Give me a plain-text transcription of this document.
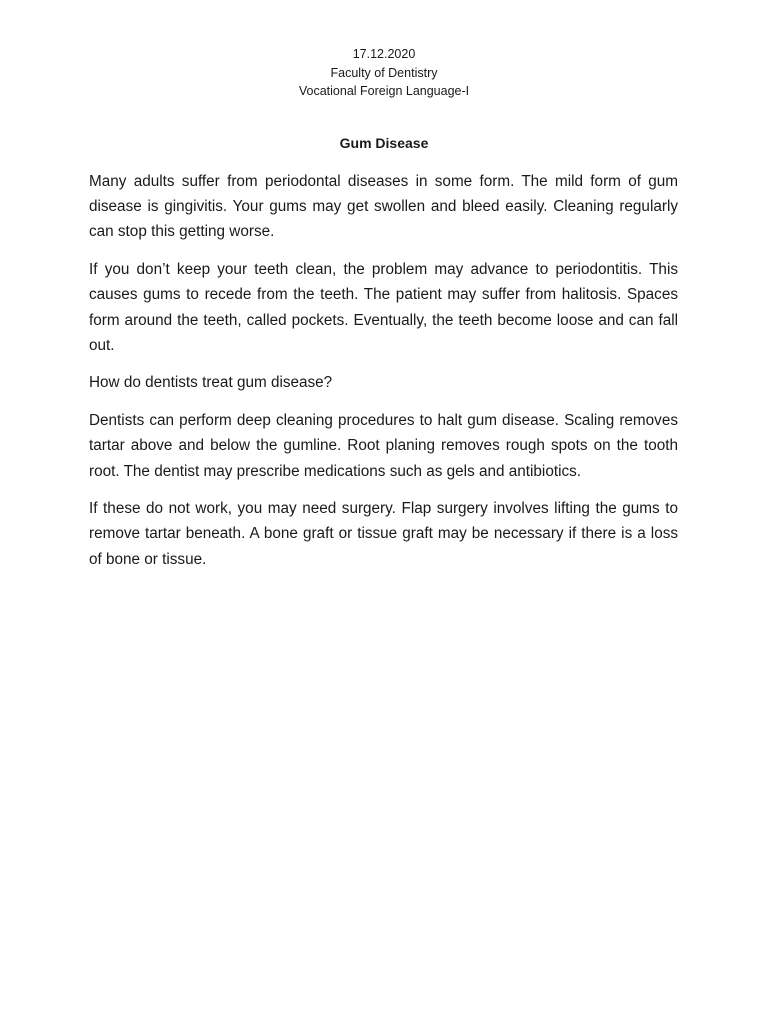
17.12.2020
Faculty of Dentistry
Vocational Foreign Language-I
Gum Disease

Many adults suffer from periodontal diseases in some form. The mild form of gum disease is gingivitis. Your gums may get swollen and bleed easily. Cleaning regularly can stop this getting worse.

If you don’t keep your teeth clean, the problem may advance to periodontitis. This causes gums to recede from the teeth. The patient may suffer from halitosis. Spaces form around the teeth, called pockets. Eventually, the teeth become loose and can fall out.

How do dentists treat gum disease?

Dentists can perform deep cleaning procedures to halt gum disease. Scaling removes tartar above and below the gumline. Root planing removes rough spots on the tooth root. The dentist may prescribe medications such as gels and antibiotics.

If these do not work, you may need surgery. Flap surgery involves lifting the gums to remove tartar beneath. A bone graft or tissue graft may be necessary if there is a loss of bone or tissue.
